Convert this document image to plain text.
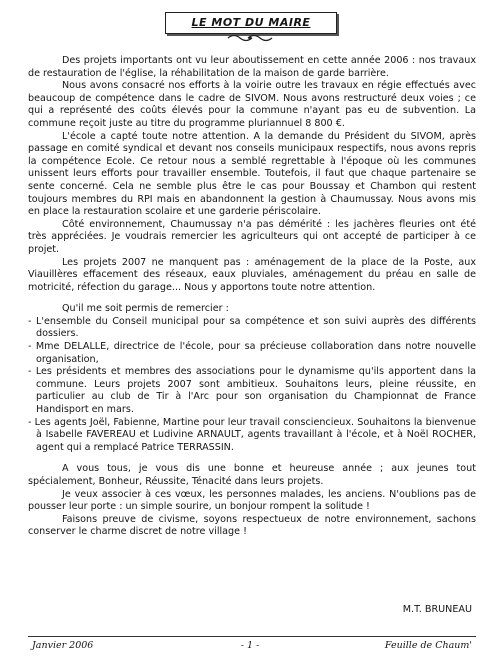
LE MOT DU MAIRE

Des projets importants ont vu leur aboutissement en cette année 2006 : nos travaux de restauration de l'église, la réhabilitation de la maison de garde barrière.

Nous avons consacré nos efforts à la voirie outre les travaux en régie effectués avec beaucoup de compétence dans le cadre de SIVOM. Nous avons restructuré deux voies ; ce qui a représenté des coûts élevés pour la commune n'ayant pas eu de subvention. La commune reçoit juste au titre du programme pluriannuel 8 800 €.

L'école a capté toute notre attention. A la demande du Président du SIVOM, après passage en comité syndical et devant nos conseils municipaux respectifs, nous avons repris la compétence Ecole. Ce retour nous a semblé regrettable à l'époque où les communes unissent leurs efforts pour travailler ensemble. Toutefois, il faut que chaque partenaire se sente concerné. Cela ne semble plus être le cas pour Boussay et Chambon qui restent toujours membres du RPI mais en abandonnent la gestion à Chaumussay. Nous avons mis en place la restauration scolaire et une garderie périscolaire.

Côté environnement, Chaumussay n'a pas démérité : les jachères fleuries ont été très appréciées. Je voudrais remercier les agriculteurs qui ont accepté de participer à ce projet.

Les projets 2007 ne manquent pas : aménagement de la place de la Poste, aux Viauillères effacement des réseaux, eaux pluviales, aménagement du préau en salle de motricité, réfection du garage... Nous y apportons toute notre attention.

Qu'il me soit permis de remercier :

- L'ensemble du Conseil municipal pour sa compétence et son suivi auprès des différents dossiers.

- Mme DELALLE, directrice de l'école, pour sa précieuse collaboration dans notre nouvelle organisation,

- Les présidents et membres des associations pour le dynamisme qu'ils apportent dans la commune. Leurs projets 2007 sont ambitieux. Souhaitons leurs, pleine réussite, en particulier au club de Tir à l'Arc pour son organisation du Championnat de France Handisport en mars.

- Les agents Joël, Fabienne, Martine pour leur travail consciencieux. Souhaitons la bienvenue à Isabelle FAVEREAU et Ludivine ARNAULT, agents travaillant à l'école, et à Noël ROCHER, agent qui a remplacé Patrice TERRASSIN.

A vous tous, je vous dis une bonne et heureuse année ; aux jeunes tout spécialement, Bonheur, Réussite, Ténacité dans leurs projets.

Je veux associer à ces vœux, les personnes malades, les anciens. N'oublions pas de pousser leur porte : un simple sourire, un bonjour rompent la solitude !

Faisons preuve de civisme, soyons respectueux de notre environnement, sachons conserver le charme discret de notre village !

M.T. BRUNEAU
Janvier 2006	- 1 -	Feuille de Chaum'
